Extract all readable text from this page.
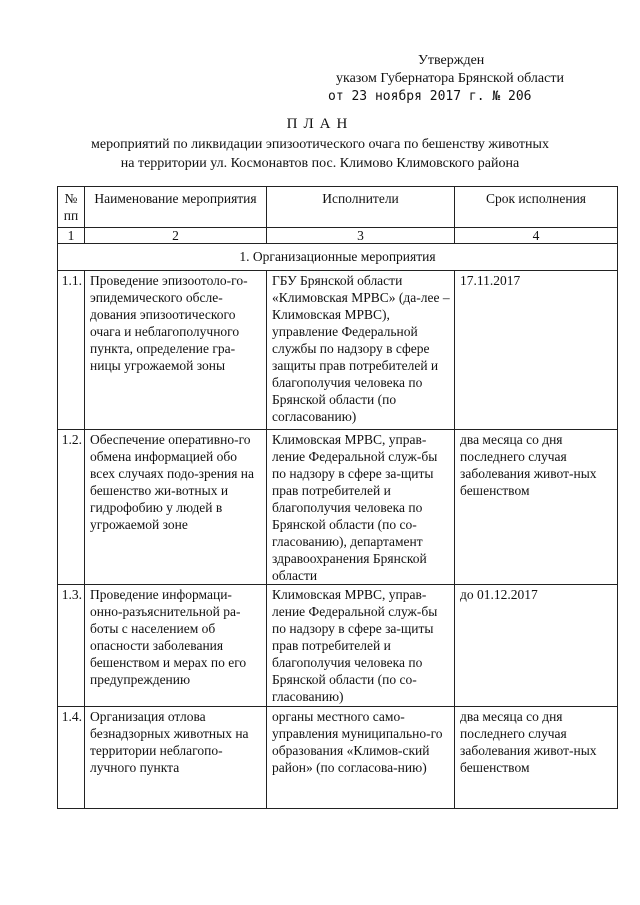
Утвержден
указом Губернатора Брянской области
от 23 ноября 2017 г. № 206
ПЛАН
мероприятий по ликвидации эпизоотического очага по бешенству животных
на территории ул. Космонавтов пос. Климово Климовского района
№ пп	Наименование мероприятия	Исполнители	Срок исполнения
1	2	3	4
1. Организационные мероприятия			
1.1.	Проведение эпизоотоло-го-эпидемического обсле-дования эпизоотического очага и неблагополучного пункта, определение гра-ницы угрожаемой зоны	ГБУ Брянской области «Климовская МРВС» (да-лее – Климовская МРВС), управление Федеральной службы по надзору в сфере защиты прав потребителей и благополучия человека по Брянской области (по согласованию)	17.11.2017
1.2.	Обеспечение оперативно-го обмена информацией обо всех случаях подо-зрения на бешенство жи-вотных и гидрофобию у людей в угрожаемой зоне	Климовская МРВС, управ-ление Федеральной служ-бы по надзору в сфере за-щиты прав потребителей и благополучия человека по Брянской области (по со-гласованию), департамент здравоохранения Брянской области	два месяца со дня последнего случая заболевания живот-ных бешенством
1.3.	Проведение информаци-онно-разъяснительной ра-боты с населением об опасности заболевания бешенством и мерах по его предупреждению	Климовская МРВС, управ-ление Федеральной служ-бы по надзору в сфере за-щиты прав потребителей и благополучия человека по Брянской области (по со-гласованию)	до 01.12.2017
1.4.	Организация отлова безнадзорных животных на территории неблагопо-лучного пункта	органы местного само-управления муниципально-го образования «Климов-ский район» (по согласова-нию)	два месяца со дня последнего случая заболевания живот-ных бешенством
